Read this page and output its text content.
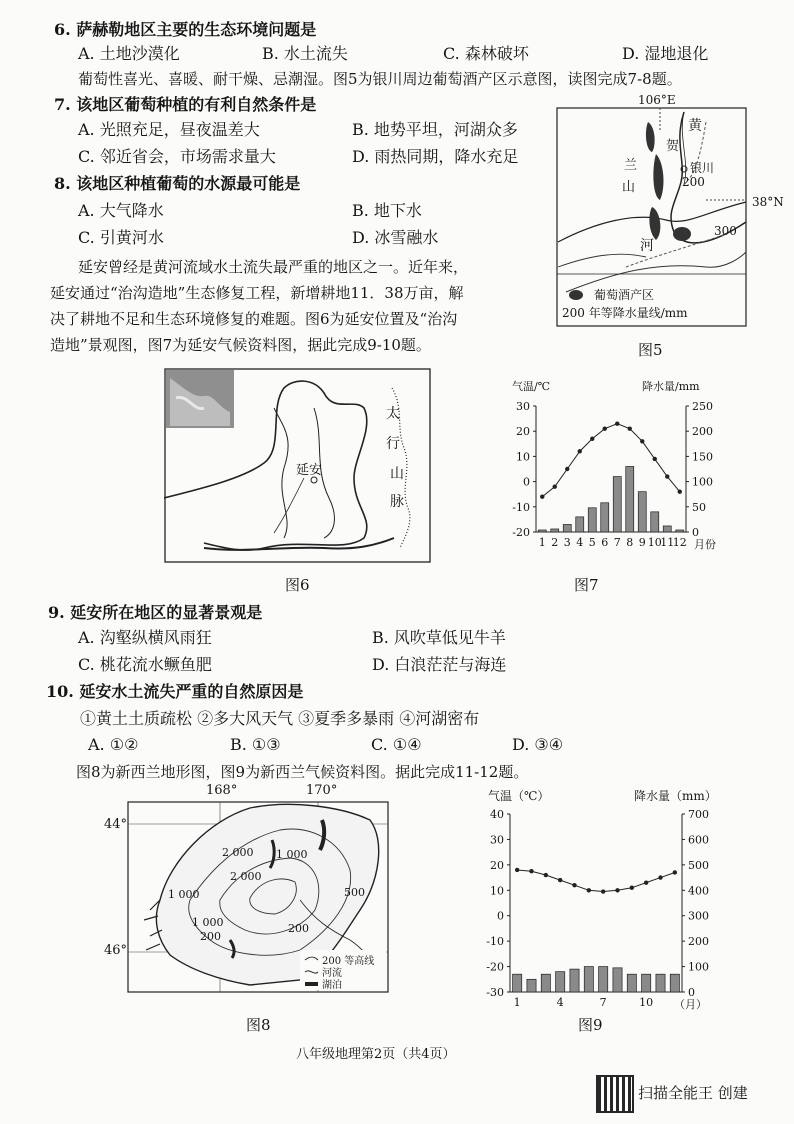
6. 萨赫勒地区主要的生态环境问题是
A. 土地沙漠化	B. 水土流失	C. 森林破坏	D. 湿地退化
葡萄性喜光、喜暖、耐干燥、忌潮湿。图5为银川周边葡萄酒产区示意图，读图完成7-8题。
7. 该地区葡萄种植的有利自然条件是
A. 光照充足，昼夜温差大	B. 地势平坦，河湖众多
C. 邻近省会，市场需求量大	D. 雨热同期，降水充足
8. 该地区种植葡萄的水源最可能是
A. 大气降水	B. 地下水
C. 引黄河水	D. 冰雪融水
延安曾经是黄河流域水土流失最严重的地区之一。近年来，
延安通过“治沟造地”生态修复工程，新增耕地11．38万亩，解
决了耕地不足和生态环境修复的难题。图6为延安位置及“治沟
造地”景观图，图7为延安气候资料图，据此完成9-10题。
106°E
贺
黄
兰
山
银川
200
300
河
葡萄酒产区
200 年等降水量线/mm
38°N
图5
延安
太
行
山
脉
图6
气温/℃	降水量/mm
30
20
10
0
-10
-20
250
200
150
100
50
0
1 2 3 4 5 6 7 8 9 10
11
12 月份
图7
9. 延安所在地区的显著景观是
A. 沟壑纵横风雨狂	B. 风吹草低见牛羊
C. 桃花流水鳜鱼肥	D. 白浪茫茫与海连
10. 延安水土流失严重的自然原因是
①黄土土质疏松 ②多大风天气 ③夏季多暴雨 ④河湖密布
A. ①②	B. ①③	C. ①④	D. ③④
图8为新西兰地形图，图9为新西兰气候资料图。据此完成11-12题。
168°	170°
44°
46°
2 000 1 000
2 000
1 000
1 000
200
500
200
200 等高线
河流
湖泊
图8
气温（℃）	降水量（mm）
40
30
20
10
0
-10
-20
-30
700
600
500
400
300
200
100
0
1	4	7	10 （月）
图9
八年级地理第2页（共4页）
扫描全能王 创建
